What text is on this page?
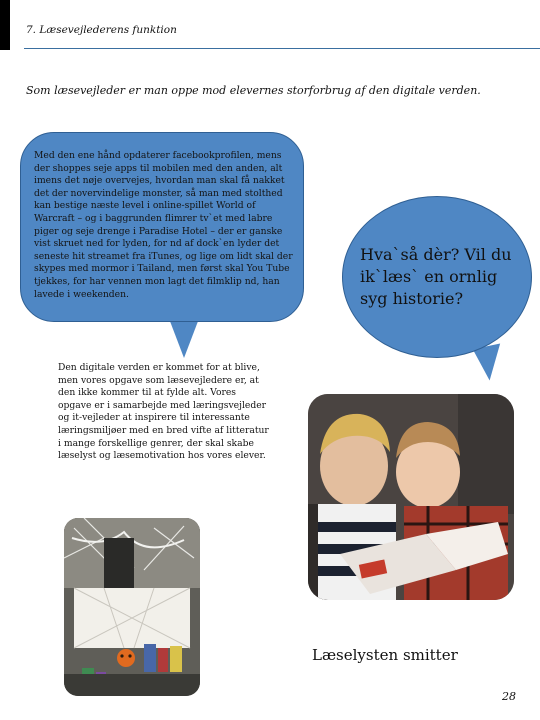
7. Læsevejlederens funktion
Som læsevejleder er man oppe mod elevernes storforbrug af den digitale verden.
Med den ene hånd opdaterer facebookprofilen, mens der shoppes seje apps til mobilen med den anden, alt imens det nøje overvejes, hvordan man skal få nakket det der novervindelige monster, så man med stolthed kan bestige næste level i online-spillet World of Warcraft – og i baggrunden flimrer tv`et med labre piger og seje drenge i Paradise Hotel – der er ganske vist skruet ned for lyden, for nd af dock`en lyder det seneste hit streamet fra iTunes, og lige om lidt skal der skypes med mormor i Tailand, men først skal You Tube tjekkes, for har vennen mon lagt det filmklip nd, han lavede i weekenden.
Hva`så dèr? Vil du ik`læs` en ornlig syg historie?
Den digitale verden er kommet for at blive, men vores opgave som læsevejledere er, at den ikke kommer til at fylde alt. Vores opgave er i samarbejde med læringsvejleder og it-vejleder at inspirere til interessante læringsmiljøer med en bred vifte af litteratur i mange forskellige genrer, der skal skabe læselyst og læsemotivation hos vores elever.
Læselysten smitter
28
